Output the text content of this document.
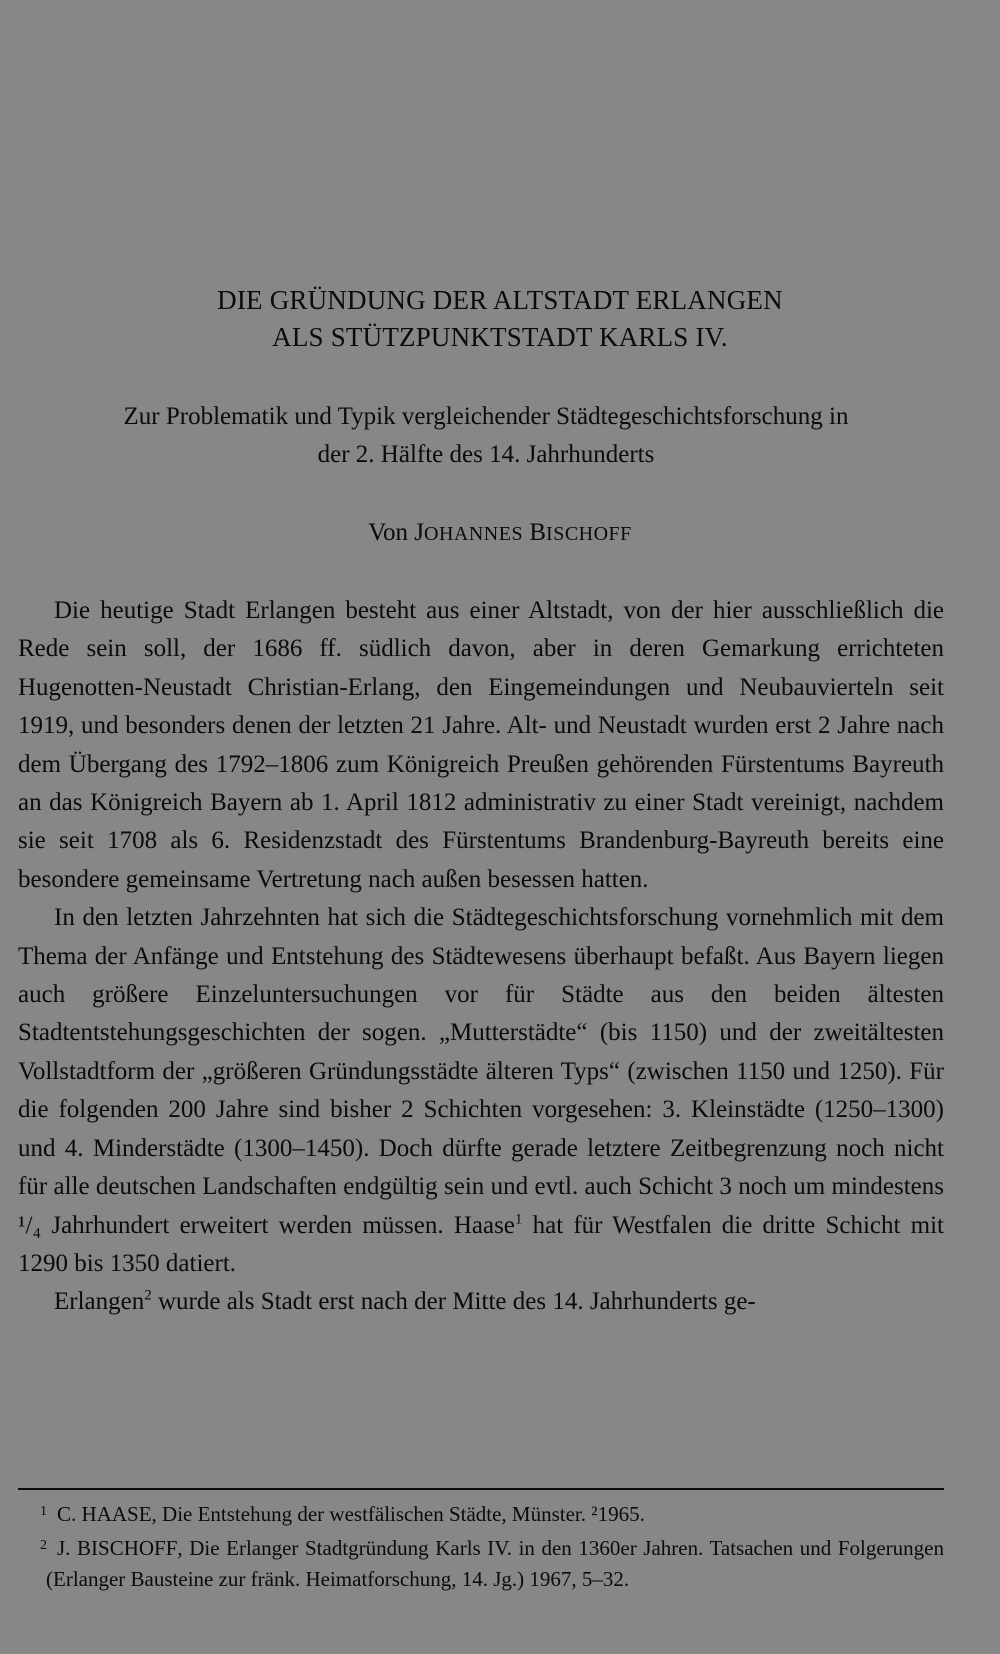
DIE GRÜNDUNG DER ALTSTADT ERLANGEN
ALS STÜTZPUNKTSTADT KARLS IV.
Zur Problematik und Typik vergleichender Städtegeschichtsforschung in
der 2. Hälfte des 14. Jahrhunderts
Von JOHANNES BISCHOFF

Die heutige Stadt Erlangen besteht aus einer Altstadt, von der hier ausschließlich die Rede sein soll, der 1686 ff. südlich davon, aber in deren Gemarkung errichteten Hugenotten-Neustadt Christian-Erlang, den Eingemeindungen und Neubauvierteln seit 1919, und besonders denen der letzten 21 Jahre. Alt- und Neustadt wurden erst 2 Jahre nach dem Übergang des 1792–1806 zum Königreich Preußen gehörenden Fürstentums Bayreuth an das Königreich Bayern ab 1. April 1812 administrativ zu einer Stadt vereinigt, nachdem sie seit 1708 als 6. Residenzstadt des Fürstentums Brandenburg-Bayreuth bereits eine besondere gemeinsame Vertretung nach außen besessen hatten.

In den letzten Jahrzehnten hat sich die Städtegeschichtsforschung vornehmlich mit dem Thema der Anfänge und Entstehung des Städtewesens überhaupt befaßt. Aus Bayern liegen auch größere Einzeluntersuchungen vor für Städte aus den beiden ältesten Stadtentstehungsgeschichten der sogen. „Mutterstädte“ (bis 1150) und der zweitältesten Vollstadtform der „größeren Gründungsstädte älteren Typs“ (zwischen 1150 und 1250). Für die folgenden 200 Jahre sind bisher 2 Schichten vorgesehen: 3. Kleinstädte (1250–1300) und 4. Minderstädte (1300–1450). Doch dürfte gerade letztere Zeitbegrenzung noch nicht für alle deutschen Landschaften endgültig sein und evtl. auch Schicht 3 noch um mindestens ¹/₄ Jahrhundert erweitert werden müssen. Haase$^1$ hat für Westfalen die dritte Schicht mit 1290 bis 1350 datiert.

Erlangen$^2$ wurde als Stadt erst nach der Mitte des 14. Jahrhunderts ge-

$^1$ C. HAASE, Die Entstehung der westfälischen Städte, Münster. ²1965.

$^2$ J. BISCHOFF, Die Erlanger Stadtgründung Karls IV. in den 1360er Jahren. Tatsachen und Folgerungen (Erlanger Bausteine zur fränk. Heimatforschung, 14. Jg.) 1967, 5–32.
